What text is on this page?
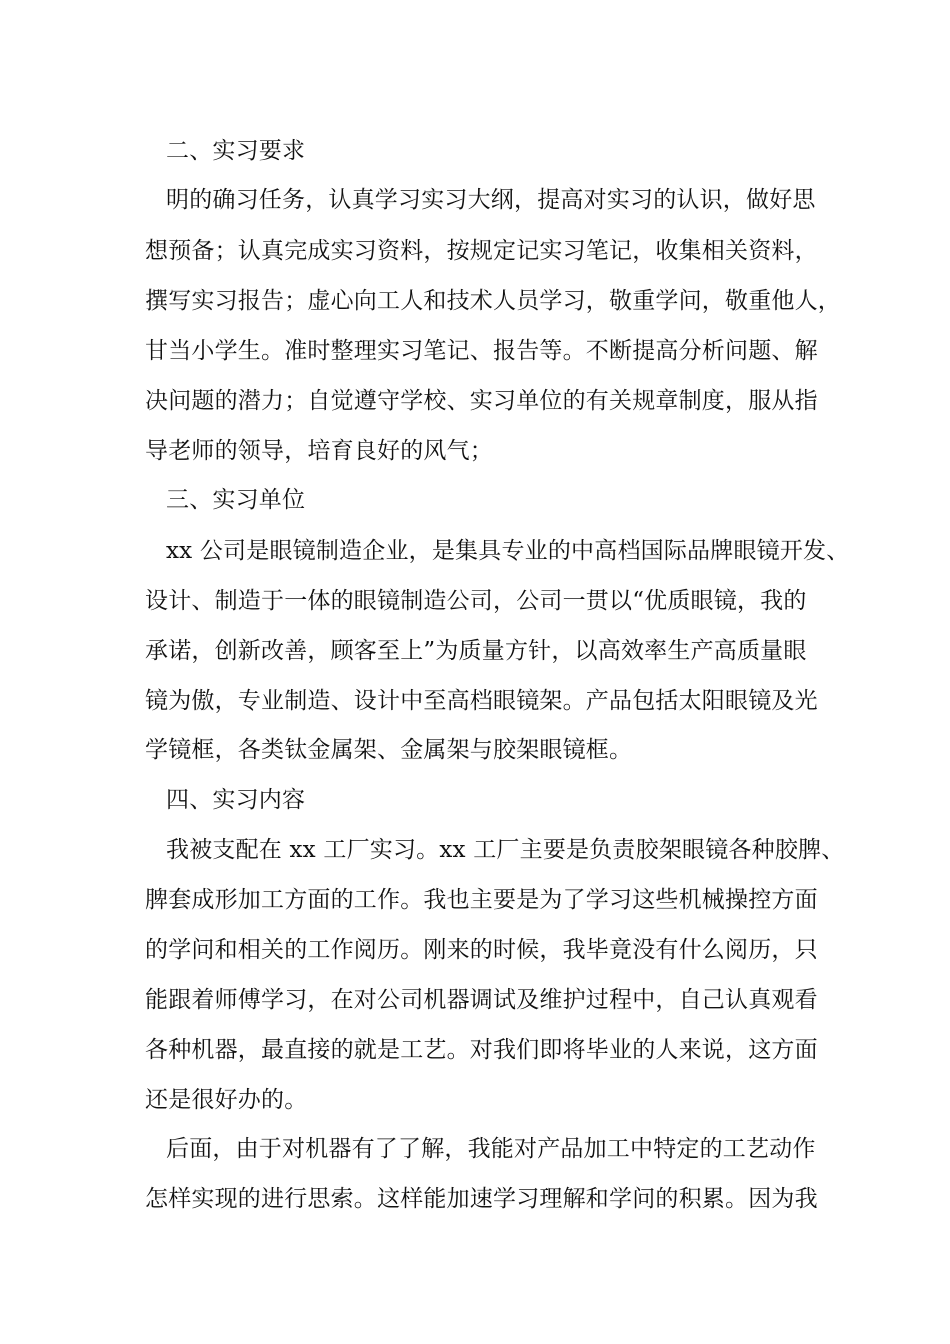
二、实习要求
明的确习任务，认真学习实习大纲，提高对实习的认识，做好思
想预备；认真完成实习资料，按规定记实习笔记，收集相关资料，
撰写实习报告；虚心向工人和技术人员学习，敬重学问，敬重他人，
甘当小学生。准时整理实习笔记、报告等。不断提高分析问题、解
决问题的潜力；自觉遵守学校、实习单位的有关规章制度，服从指
导老师的领导，培育良好的风气；
三、实习单位
xx 公司是眼镜制造企业，是集具专业的中高档国际品牌眼镜开发、
设计、制造于一体的眼镜制造公司，公司一贯以“优质眼镜，我的
承诺，创新改善，顾客至上”为质量方针，以高效率生产高质量眼
镜为傲，专业制造、设计中至高档眼镜架。产品包括太阳眼镜及光
学镜框，各类钛金属架、金属架与胶架眼镜框。
四、实习内容
我被支配在 xx 工厂实习。xx 工厂主要是负责胶架眼镜各种胶脾、
脾套成形加工方面的工作。我也主要是为了学习这些机械操控方面
的学问和相关的工作阅历。刚来的时候，我毕竟没有什么阅历，只
能跟着师傅学习，在对公司机器调试及维护过程中，自己认真观看
各种机器，最直接的就是工艺。对我们即将毕业的人来说，这方面
还是很好办的。
后面，由于对机器有了了解，我能对产品加工中特定的工艺动作
怎样实现的进行思索。这样能加速学习理解和学问的积累。因为我
